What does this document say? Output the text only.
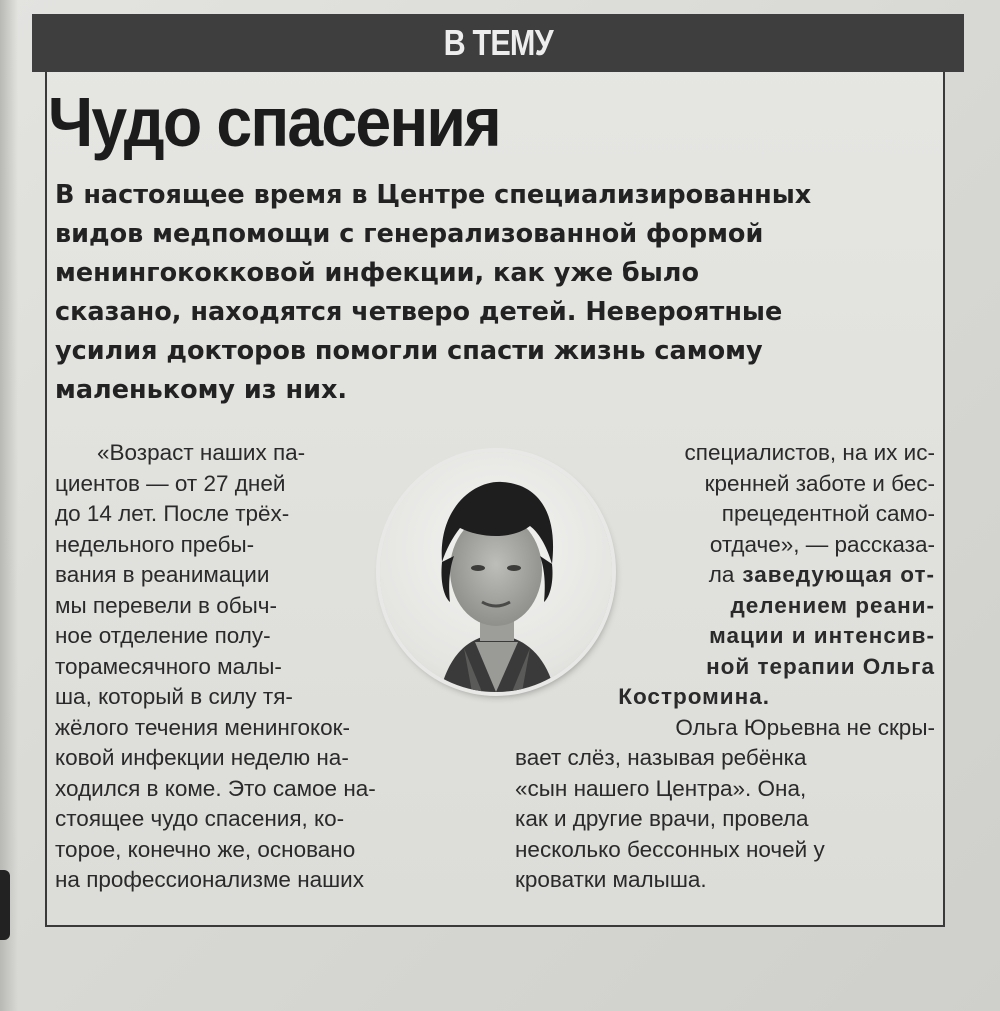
В ТЕМУ
Чудо спасения
В настоящее время в Центре специализированных
видов медпомощи с генерализованной формой
менингококковой инфекции, как уже было
сказано, находятся четверо детей. Невероятные
усилия докторов помогли спасти жизнь самому
маленькому из них.
«Возраст наших па-
циентов — от 27 дней
до 14 лет. После трёх-
недельного пребы-
вания в реанимации
мы перевели в обыч-
ное отделение полу-
торамесячного малы-
ша, который в силу тя-
жёлого течения менингокок-
ковой инфекции неделю на-
ходился в коме. Это самое на-
стоящее чудо спасения, ко-
торое, конечно же, основано
на профессионализме наших
специалистов, на их ис-
кренней заботе и бес-
прецедентной само-
отдаче», — рассказа-
ла заведующая от-
делением реани-
мации и интенсив-
ной терапии Ольга
Костромина.
Ольга Юрьевна не скры-
вает слёз, называя ребёнка
«сын нашего Центра». Она,
как и другие врачи, провела
несколько бессонных ночей у
кроватки малыша.
